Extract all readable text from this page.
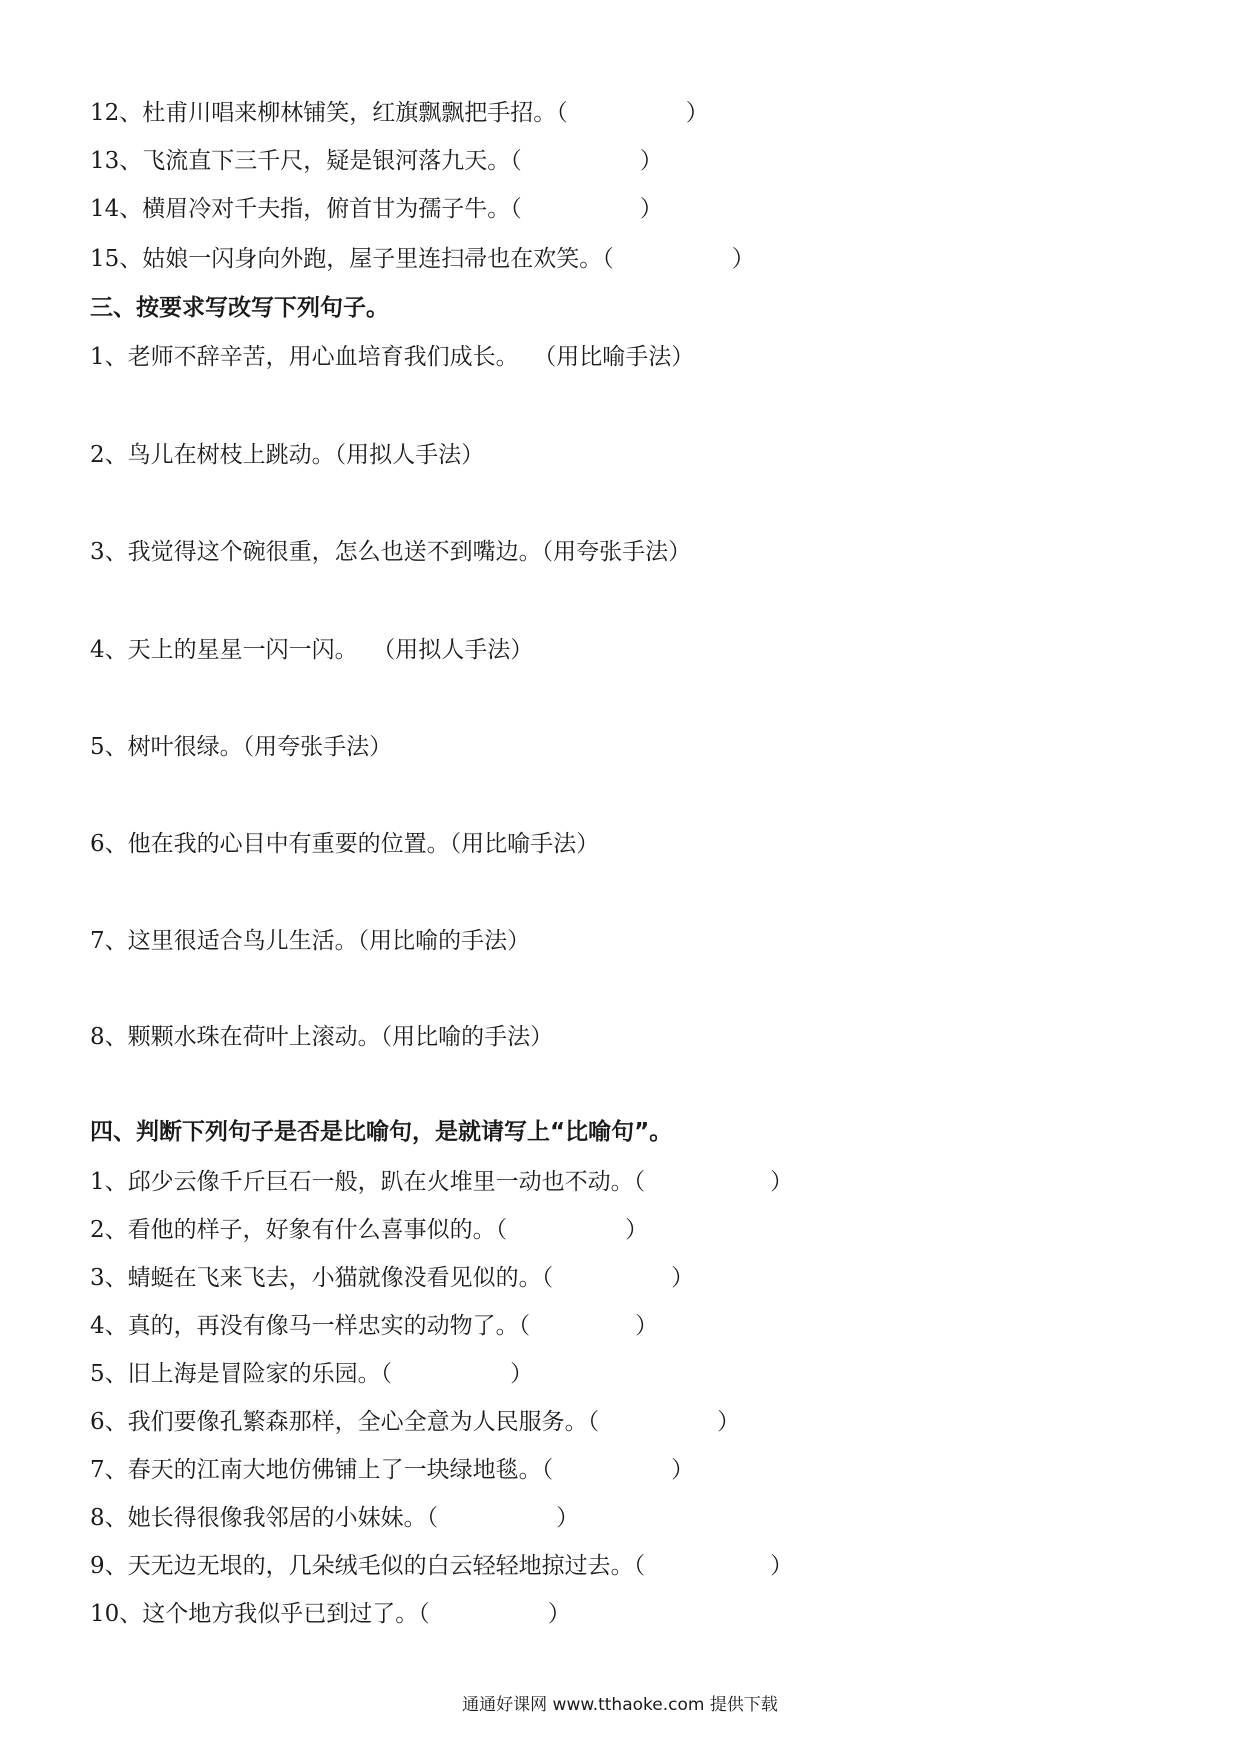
12、杜甫川唱来柳林铺笑，红旗飘飘把手招。（	）
13、飞流直下三千尺，疑是银河落九天。（	）
14、横眉冷对千夫指，俯首甘为孺子牛。（	）
15、姑娘一闪身向外跑，屋子里连扫帚也在欢笑。（	）
三、按要求写改写下列句子。
1、老师不辞辛苦，用心血培育我们成长。  （用比喻手法）
2、鸟儿在树枝上跳动。（用拟人手法）
3、我觉得这个碗很重，怎么也送不到嘴边。（用夸张手法）
4、天上的星星一闪一闪。  （用拟人手法）
5、树叶很绿。（用夸张手法）
6、他在我的心目中有重要的位置。（用比喻手法）
7、这里很适合鸟儿生活。（用比喻的手法）
8、颗颗水珠在荷叶上滚动。（用比喻的手法）
四、判断下列句子是否是比喻句，是就请写上“比喻句”。
1、邱少云像千斤巨石一般，趴在火堆里一动也不动。（	）
2、看他的样子，好象有什么喜事似的。（	）
3、蜻蜓在飞来飞去，小猫就像没看见似的。（	）
4、真的，再没有像马一样忠实的动物了。（	）
5、旧上海是冒险家的乐园。（	）
6、我们要像孔繁森那样，全心全意为人民服务。（	）
7、春天的江南大地仿佛铺上了一块绿地毯。（	）
8、她长得很像我邻居的小妹妹。（	）
9、天无边无垠的，几朵绒毛似的白云轻轻地掠过去。（	）
10、这个地方我似乎已到过了。（	）
通通好课网 www.tthaoke.com 提供下载
